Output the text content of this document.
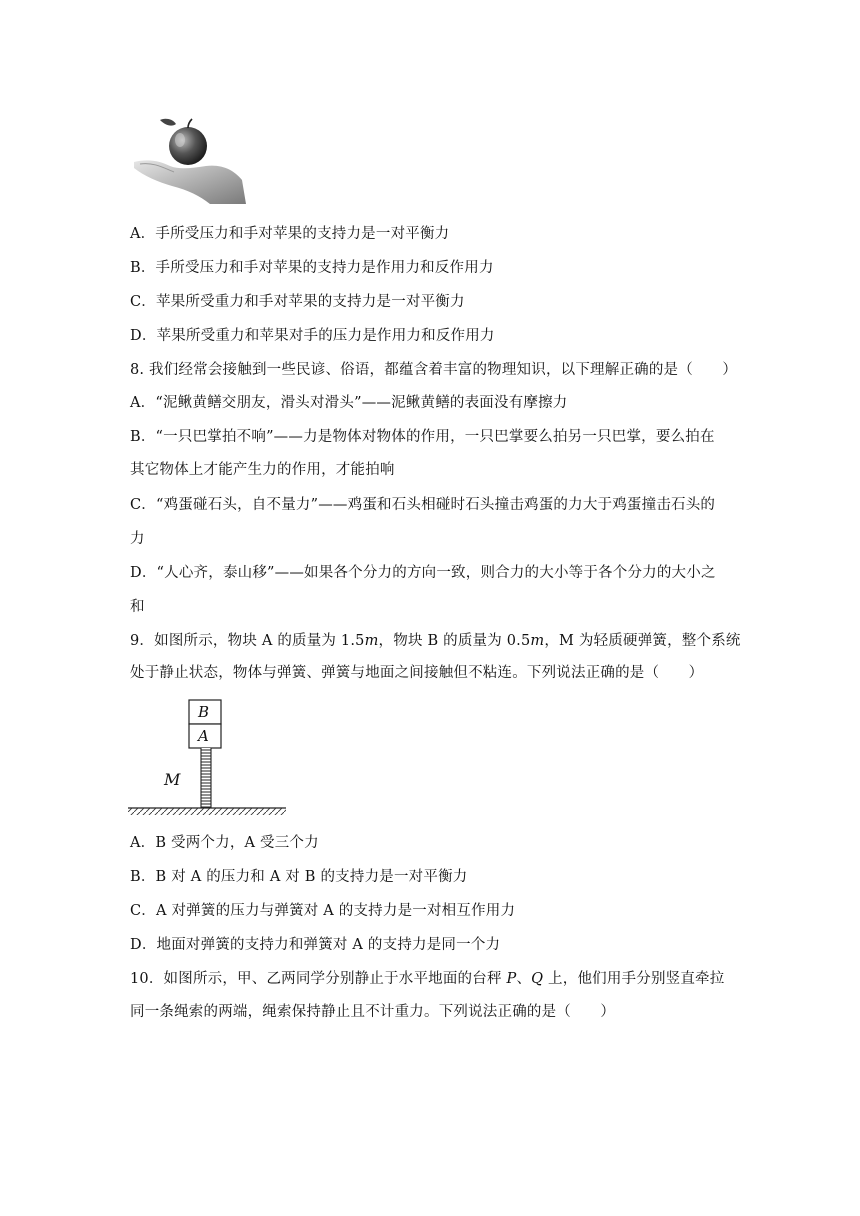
A．手所受压力和手对苹果的支持力是一对平衡力
B．手所受压力和手对苹果的支持力是作用力和反作用力
C．苹果所受重力和手对苹果的支持力是一对平衡力
D．苹果所受重力和苹果对手的压力是作用力和反作用力
8. 我们经常会接触到一些民谚、俗语，都蕴含着丰富的物理知识，以下理解正确的是（　　）
A．“泥鳅黄鳝交朋友，滑头对滑头”——泥鳅黄鳝的表面没有摩擦力
B．“一只巴掌拍不响”——力是物体对物体的作用，一只巴掌要么拍另一只巴掌，要么拍在
其它物体上才能产生力的作用，才能拍响
C．“鸡蛋碰石头，自不量力”——鸡蛋和石头相碰时石头撞击鸡蛋的力大于鸡蛋撞击石头的
力
D．“人心齐，泰山移”——如果各个分力的方向一致，则合力的大小等于各个分力的大小之
和
9．如图所示，物块 A 的质量为 1.5m，物块 B 的质量为 0.5m，M 为轻质硬弹簧，整个系统
处于静止状态，物体与弹簧、弹簧与地面之间接触但不粘连。下列说法正确的是（　　）
B
A
M
A．B 受两个力，A 受三个力
B．B 对 A 的压力和 A 对 B 的支持力是一对平衡力
C．A 对弹簧的压力与弹簧对 A 的支持力是一对相互作用力
D．地面对弹簧的支持力和弹簧对 A 的支持力是同一个力
10．如图所示，甲、乙两同学分别静止于水平地面的台秤 P、Q 上，他们用手分别竖直牵拉
同一条绳索的两端，绳索保持静止且不计重力。下列说法正确的是（　　）
